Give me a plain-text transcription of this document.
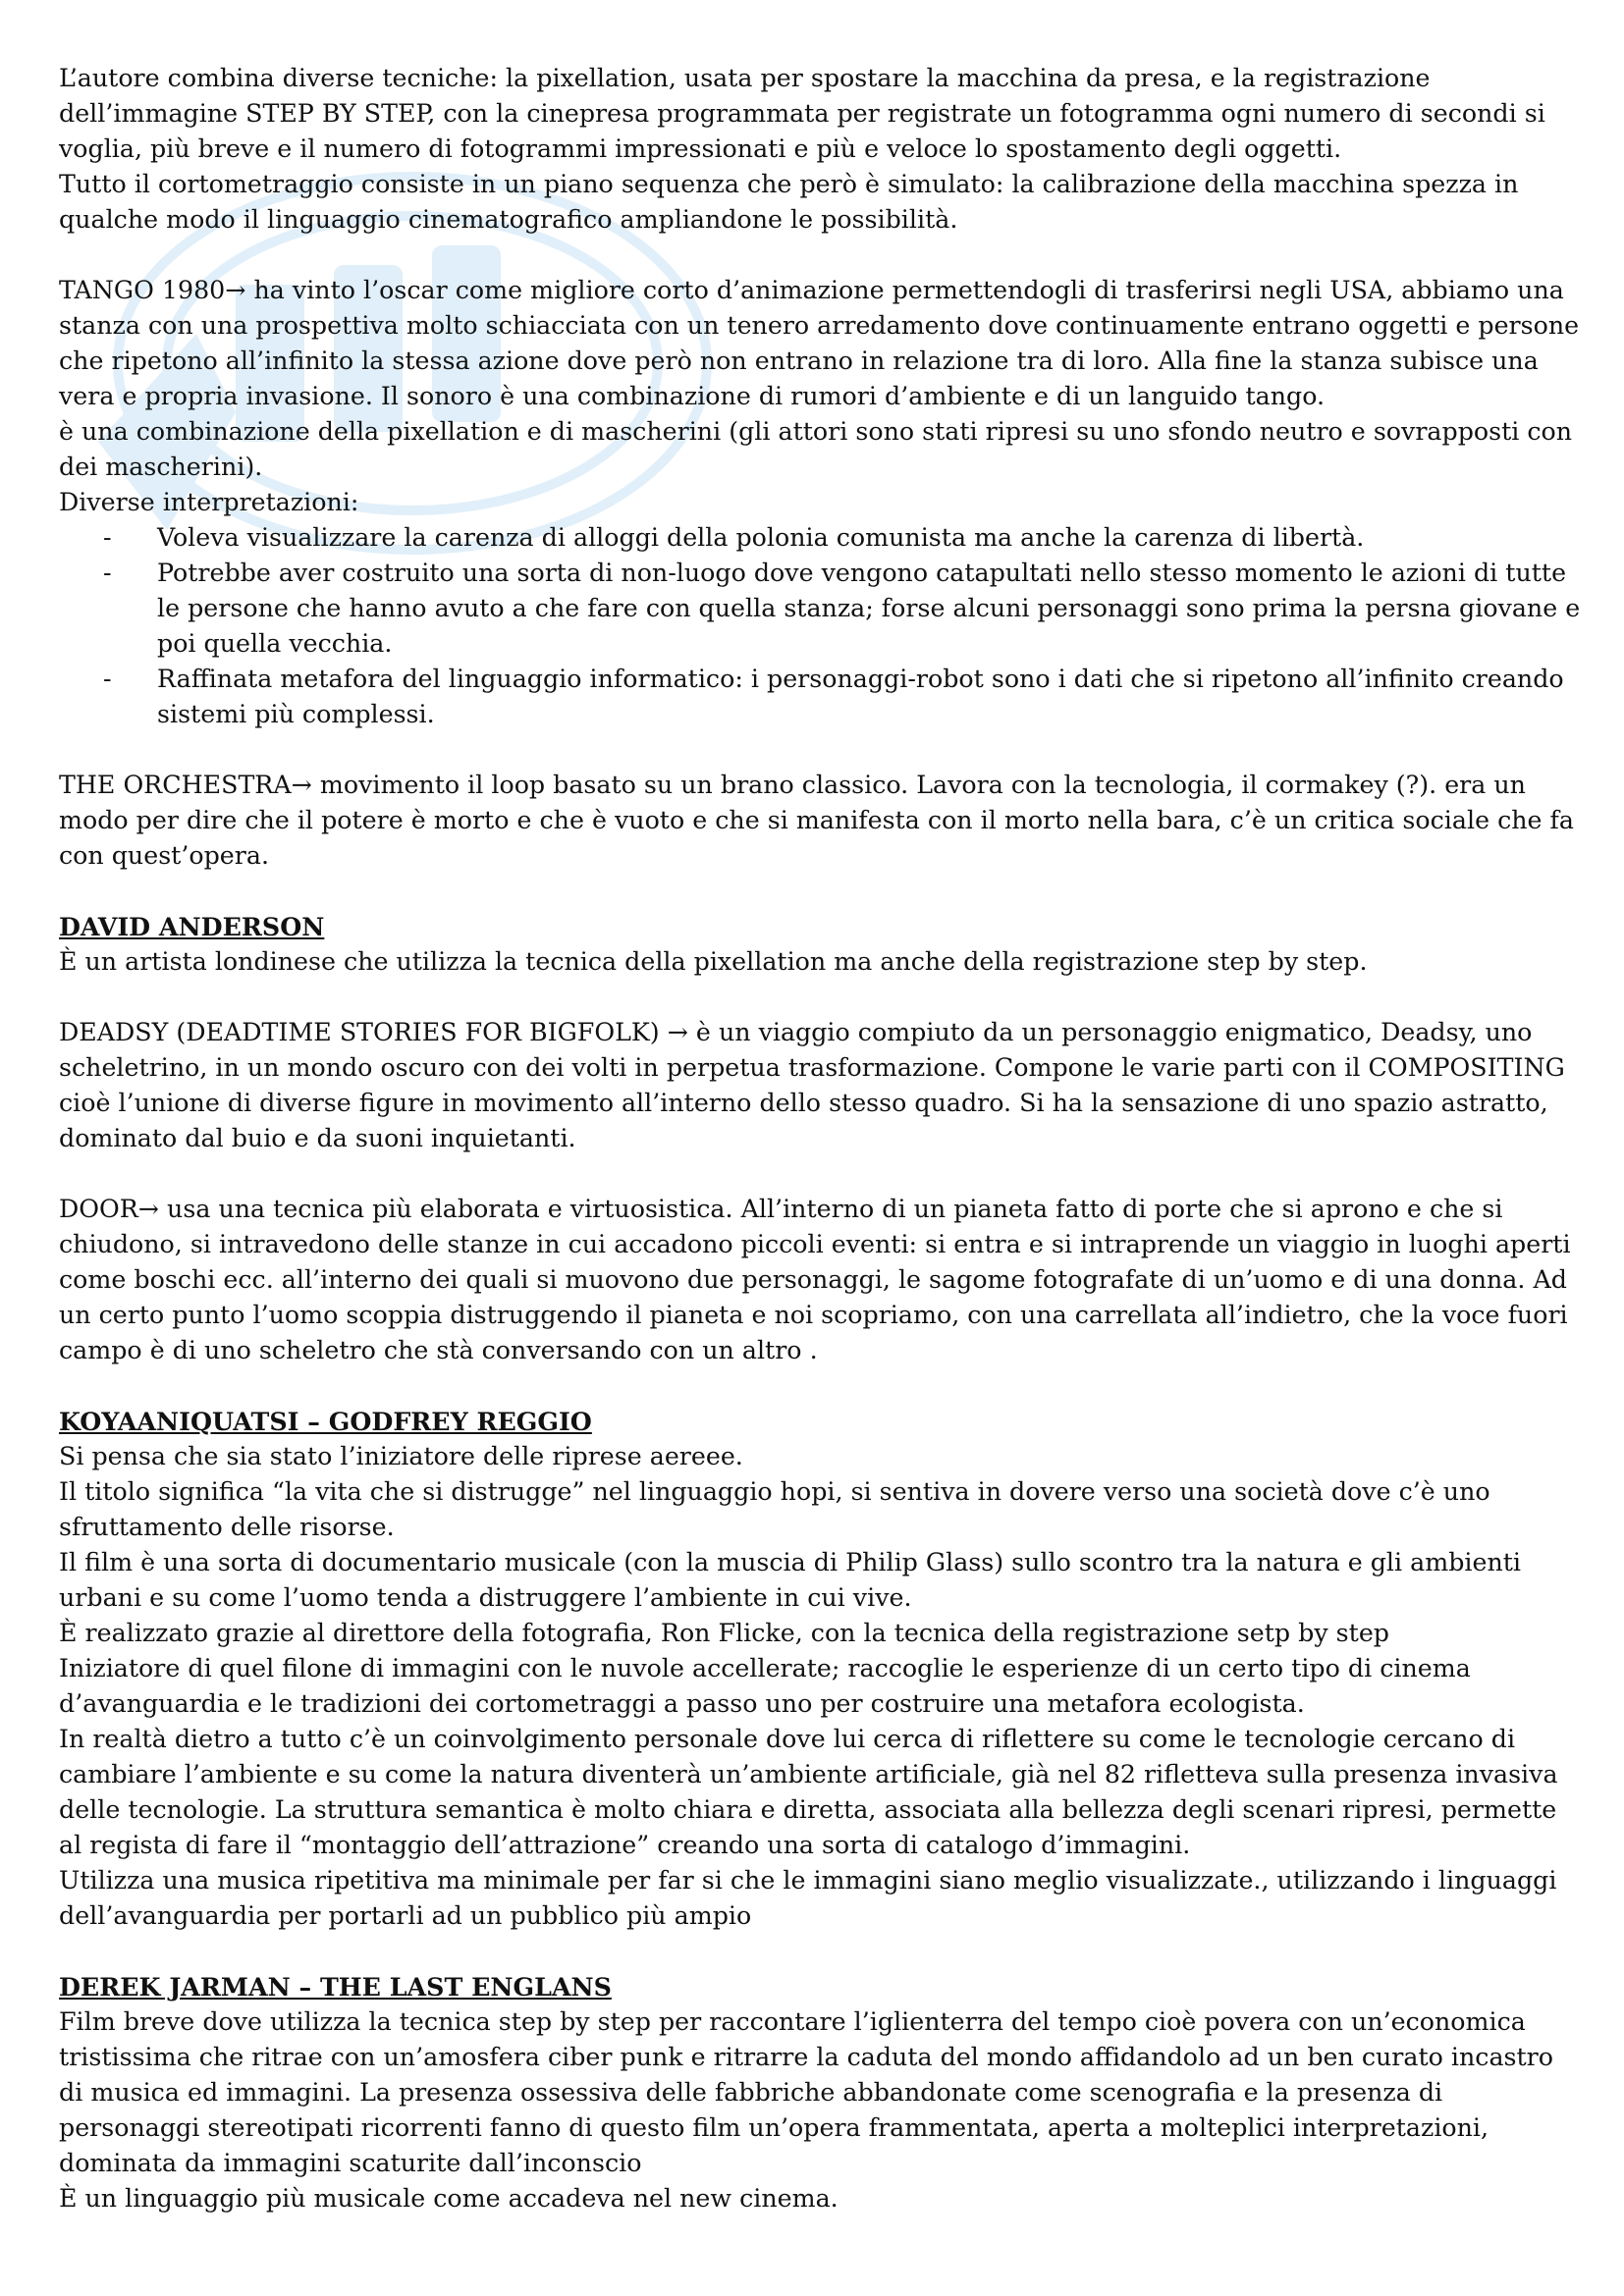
L’autore combina diverse tecniche: la pixellation, usata per spostare la macchina da presa, e la registrazione dell’immagine STEP BY STEP, con la cinepresa programmata per registrate un fotogramma ogni numero di secondi si voglia, più breve e il numero di fotogrammi impressionati e più e veloce lo spostamento degli oggetti.

Tutto il cortometraggio consiste in un piano sequenza che però è simulato: la calibrazione della macchina spezza in qualche modo il linguaggio cinematografico ampliandone le possibilità.

TANGO 1980→ ha vinto l’oscar come migliore corto d’animazione permettendogli di trasferirsi negli USA, abbiamo una stanza con una prospettiva molto schiacciata con un tenero arredamento dove continuamente entrano oggetti e persone che ripetono all’infinito la stessa azione dove però non entrano in relazione tra di loro. Alla fine la stanza subisce una vera e propria invasione. Il sonoro è una combinazione di rumori d’ambiente e di un languido tango.

è una combinazione della pixellation e di mascherini (gli attori sono stati ripresi su uno sfondo neutro e sovrapposti con dei mascherini).

Diverse interpretazioni:

- Voleva visualizzare la carenza di alloggi della polonia comunista ma anche la carenza di libertà.
- Potrebbe aver costruito una sorta di non-luogo dove vengono catapultati nello stesso momento le azioni di tutte le persone che hanno avuto a che fare con quella stanza; forse alcuni personaggi sono prima la persna giovane e poi quella vecchia.
- Raffinata metafora del linguaggio informatico: i personaggi-robot sono i dati che si ripetono all’infinito creando sistemi più complessi.

THE ORCHESTRA→ movimento il loop basato su un brano classico. Lavora con la tecnologia, il cormakey (?). era un modo per dire che il potere è morto e che è vuoto e che si manifesta con il morto nella bara, c’è un critica sociale che fa con quest’opera.

DAVID ANDERSON

È un artista londinese che utilizza la tecnica della pixellation ma anche della registrazione step by step.

DEADSY (DEADTIME STORIES FOR BIGFOLK) → è un viaggio compiuto da un personaggio enigmatico, Deadsy, uno scheletrino, in un mondo oscuro con dei volti in perpetua trasformazione. Compone le varie parti con il COMPOSITING cioè l’unione di diverse figure in movimento all’interno dello stesso quadro. Si ha la sensazione di uno spazio astratto, dominato dal buio e da suoni inquietanti.

DOOR→ usa una tecnica più elaborata e virtuosistica. All’interno di un pianeta fatto di porte che si aprono e che si chiudono, si intravedono delle stanze in cui accadono piccoli eventi: si entra e si intraprende un viaggio in luoghi aperti come boschi ecc. all’interno dei quali si muovono due personaggi, le sagome fotografate di un’uomo e di una donna. Ad un certo punto l’uomo scoppia distruggendo il pianeta e noi scopriamo, con una carrellata all’indietro, che la voce fuori campo è di uno scheletro che stà conversando con un altro .

KOYAANIQUATSI – GODFREY REGGIO

Si pensa che sia stato l’iniziatore delle riprese aereee.

Il titolo significa “la vita che si distrugge” nel linguaggio hopi, si sentiva in dovere verso una società dove c’è uno sfruttamento delle risorse.

Il film è una sorta di documentario musicale (con la muscia di Philip Glass) sullo scontro tra la natura e gli ambienti urbani e su come l’uomo tenda a distruggere l’ambiente in cui vive.

È realizzato grazie al direttore della fotografia, Ron Flicke, con la tecnica della registrazione setp by step

Iniziatore di quel filone di immagini con le nuvole accellerate; raccoglie le esperienze di un certo tipo di cinema d’avanguardia e le tradizioni dei cortometraggi a passo uno per costruire una metafora ecologista.

In realtà dietro a tutto c’è un coinvolgimento personale dove lui cerca di riflettere su come le tecnologie cercano di cambiare l’ambiente e su come la natura diventerà un’ambiente artificiale, già nel 82 rifletteva sulla presenza invasiva delle tecnologie. La struttura semantica è molto chiara e diretta, associata alla bellezza degli scenari ripresi, permette al regista di fare il “montaggio dell’attrazione” creando una sorta di catalogo d’immagini.

Utilizza una musica ripetitiva ma minimale per far si che le immagini siano meglio visualizzate., utilizzando i linguaggi dell’avanguardia per portarli ad un pubblico più ampio

DEREK JARMAN – THE LAST ENGLANS

Film breve dove utilizza la tecnica step by step per raccontare l’iglienterra del tempo cioè povera con un’economica tristissima che ritrae con un’amosfera ciber punk e ritrarre la caduta del mondo affidandolo ad un ben curato incastro di musica ed immagini. La presenza ossessiva delle fabbriche abbandonate come scenografia e la presenza di personaggi stereotipati ricorrenti fanno di questo film un’opera frammentata, aperta a molteplici interpretazioni, dominata da immagini scaturite dall’inconscio

È un linguaggio più musicale come accadeva nel new cinema.
